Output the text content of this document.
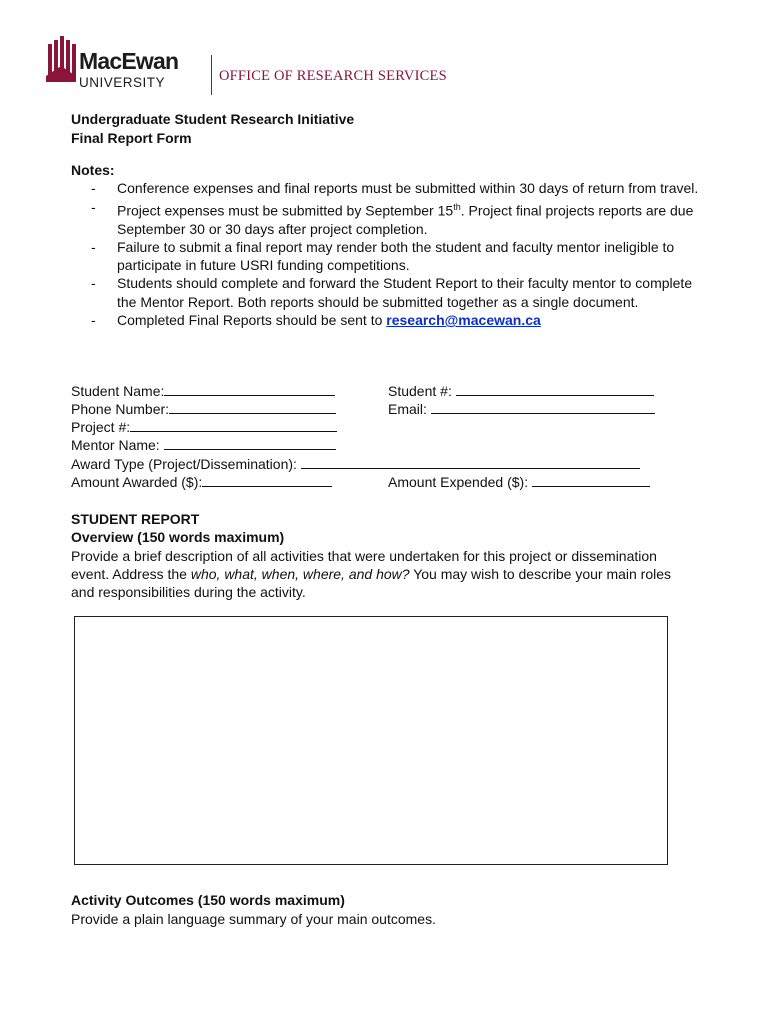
MacEwan
UNIVERSITY	OFFICE OF RESEARCH SERVICES
Undergraduate Student Research Initiative
Final Report Form
Notes:
- Conference expenses and final reports must be submitted within 30 days of return from travel.
- Project expenses must be submitted by September 15th. Project final projects reports are due September 30 or 30 days after project completion.
- Failure to submit a final report may render both the student and faculty mentor ineligible to participate in future USRI funding competitions.
- Students should complete and forward the Student Report to their faculty mentor to complete the Mentor Report. Both reports should be submitted together as a single document.
- Completed Final Reports should be sent to research@macewan.ca
Student Name:	Student #:
Phone Number:	Email:
Project #:
Mentor Name:
Award Type (Project/Dissemination):
Amount Awarded ($):	Amount Expended ($):
STUDENT REPORT
Overview (150 words maximum)
Provide a brief description of all activities that were undertaken for this project or dissemination event. Address the who, what, when, where, and how? You may wish to describe your main roles and responsibilities during the activity.
Activity Outcomes (150 words maximum)
Provide a plain language summary of your main outcomes.
